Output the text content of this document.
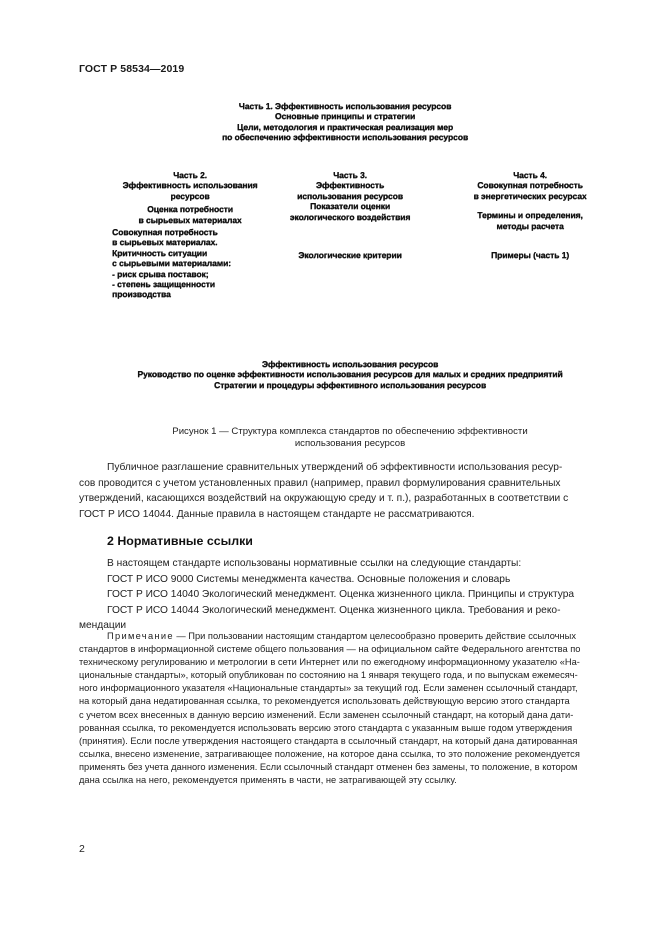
ГОСТ Р 58534—2019
Часть 1. Эффективность использования ресурсов
Основные принципы и стратегии
Цели, методология и практическая реализация мер
по обеспечению эффективности использования ресурсов
Часть 2.
Эффективность использования
ресурсов
Оценка потребности
в сырьевых материалах
Совокупная потребность
в сырьевых материалах.
Критичность ситуации
с сырьевыми материалами:
- риск срыва поставок;
- степень защищенности
производства
Часть 3.
Эффективность
использования ресурсов
Показатели оценки
экологического воздействия
Экологические критерии
Часть 4.
Совокупная потребность
в энергетических ресурсах
Термины и определения,
методы расчета
Примеры (часть 1)
Эффективность использования ресурсов
Руководство по оценке эффективности использования ресурсов для малых и средних предприятий
Стратегии и процедуры эффективного использования ресурсов
Рисунок 1 — Структура комплекса стандартов по обеспечению эффективности
использования ресурсов
Публичное разглашение сравнительных утверждений об эффективности использования ресур-
сов проводится с учетом установленных правил (например, правил формулирования сравнительных
утверждений, касающихся воздействий на окружающую среду и т. п.), разработанных в соответствии с
ГОСТ Р ИСО 14044. Данные правила в настоящем стандарте не рассматриваются.
2 Нормативные ссылки
В настоящем стандарте использованы нормативные ссылки на следующие стандарты:
ГОСТ Р ИСО 9000 Системы менеджмента качества. Основные положения и словарь
ГОСТ Р ИСО 14040 Экологический менеджмент. Оценка жизненного цикла. Принципы и структура
ГОСТ Р ИСО 14044 Экологический менеджмент. Оценка жизненного цикла. Требования и реко-
мендации
Примечание — При пользовании настоящим стандартом целесообразно проверить действие ссылочных
стандартов в информационной системе общего пользования — на официальном сайте Федерального агентства по
техническому регулированию и метрологии в сети Интернет или по ежегодному информационному указателю «На-
циональные стандарты», который опубликован по состоянию на 1 января текущего года, и по выпускам ежемесяч-
ного информационного указателя «Национальные стандарты» за текущий год. Если заменен ссылочный стандарт,
на который дана недатированная ссылка, то рекомендуется использовать действующую версию этого стандарта
с учетом всех внесенных в данную версию изменений. Если заменен ссылочный стандарт, на который дана дати-
рованная ссылка, то рекомендуется использовать версию этого стандарта с указанным выше годом утверждения
(принятия). Если после утверждения настоящего стандарта в ссылочный стандарт, на который дана датированная
ссылка, внесено изменение, затрагивающее положение, на которое дана ссылка, то это положение рекомендуется
применять без учета данного изменения. Если ссылочный стандарт отменен без замены, то положение, в котором
дана ссылка на него, рекомендуется применять в части, не затрагивающей эту ссылку.
2
